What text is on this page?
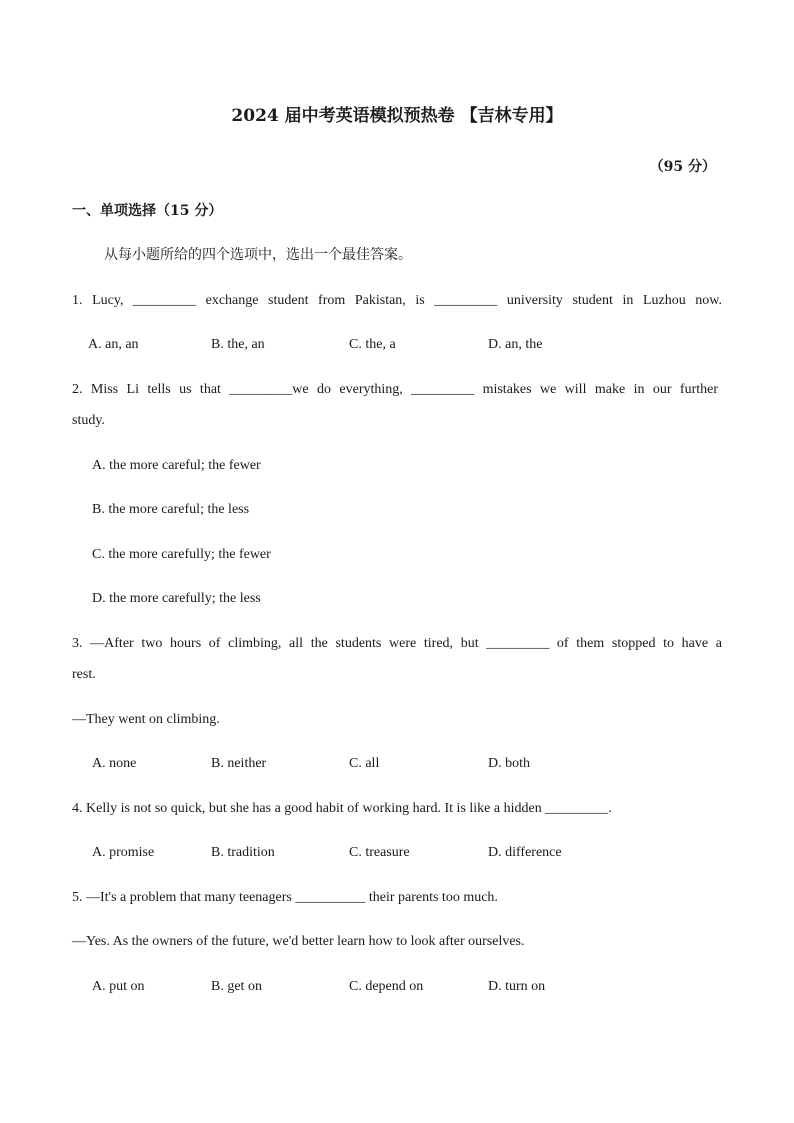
2024 届中考英语模拟预热卷 【吉林专用】
（95 分）
一、单项选择（15 分）
从每小题所给的四个选项中，选出一个最佳答案。
1. Lucy, _________ exchange student from Pakistan, is _________ university student in Luzhou now.
A. an, an	B. the, an	C. the, a	D. an, the
2. Miss Li tells us that _________we do everything, _________ mistakes we will make in our further
study.
A. the more careful; the fewer
B. the more careful; the less
C. the more carefully; the fewer
D. the more carefully; the less
3. —After two hours of climbing, all the students were tired, but _________ of them stopped to have a
rest.
—They went on climbing.
A. none	B. neither	C. all	D. both
4. Kelly is not so quick, but she has a good habit of working hard. It is like a hidden _________.
A. promise	B. tradition	C. treasure	D. difference
5. —It's a problem that many teenagers __________ their parents too much.
—Yes. As the owners of the future, we'd better learn how to look after ourselves.
A. put on	B. get on	C. depend on	D. turn on
